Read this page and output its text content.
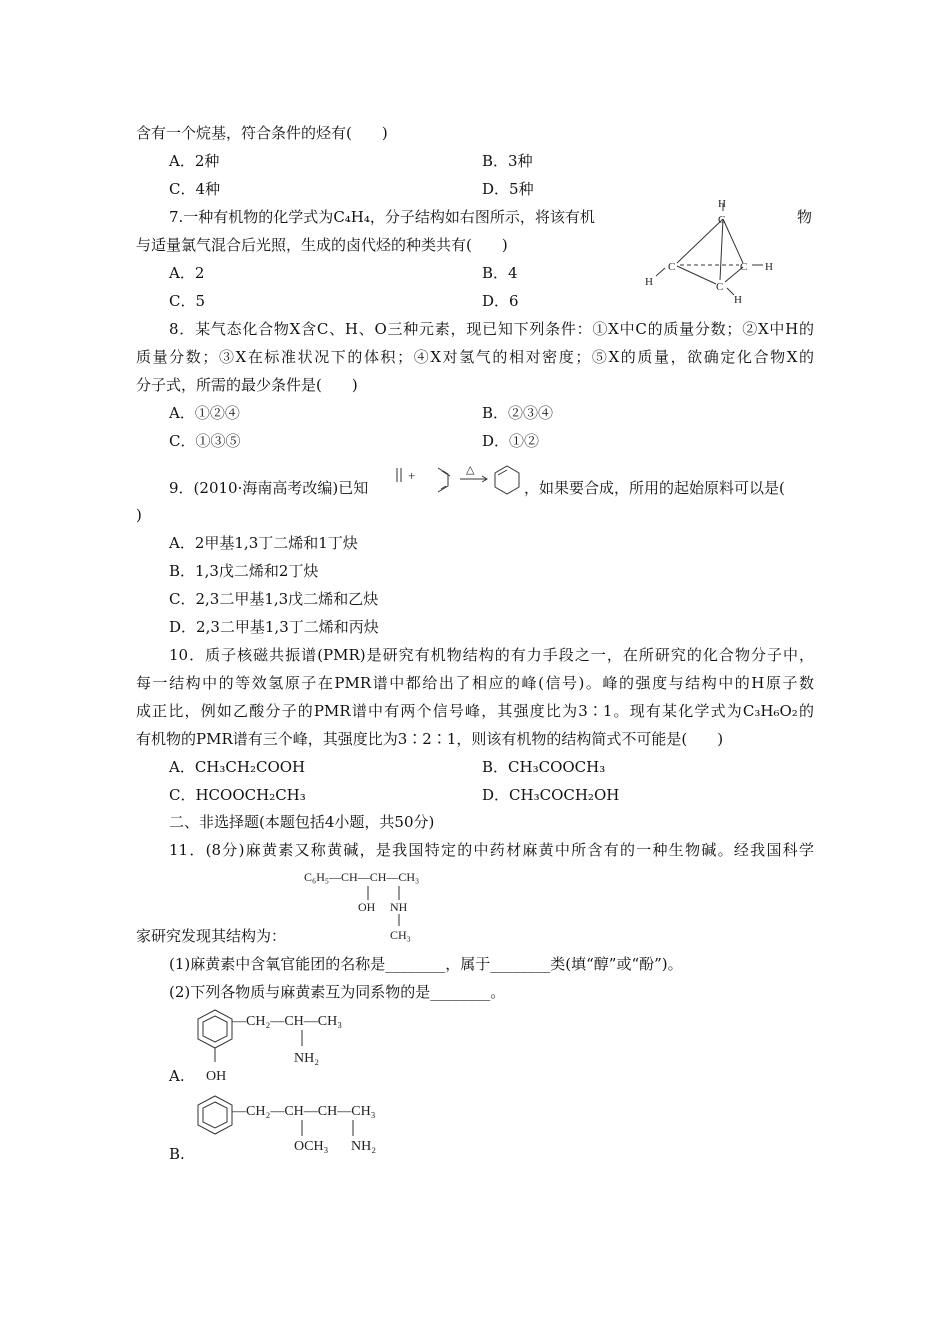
含有一个烷基，符合条件的烃有(　　)
A．2种	B．3种
C．4种	D．5种
7.一种有机物的化学式为C₄H₄，分子结构如右图所示，将该有机	物
与适量氯气混合后光照，生成的卤代烃的种类共有(　　)
A．2	B．4
C．5	D．6
H
C
C	C H
C
H
H
8．某气态化合物X含C、H、O三种元素，现已知下列条件：①X中C的质量分数；②X中H的
质量分数；③X在标准状况下的体积；④X对氢气的相对密度；⑤X的质量，欲确定化合物X的
分子式，所需的最少条件是(　　)
A．①②④	B．②③④
C．①③⑤	D．①②
9．(2010·海南高考改编)已知
+	△
，如果要合成，所用的起始原料可以是(
)
A．2甲基1,3丁二烯和1丁炔
B．1,3戊二烯和2丁炔
C．2,3二甲基1,3戊二烯和乙炔
D．2,3二甲基1,3丁二烯和丙炔
10．质子核磁共振谱(PMR)是研究有机物结构的有力手段之一，在所研究的化合物分子中，
每一结构中的等效氢原子在PMR谱中都给出了相应的峰(信号)。峰的强度与结构中的H原子数
成正比，例如乙酸分子的PMR谱中有两个信号峰，其强度比为3∶1。现有某化学式为C₃H₆O₂的
有机物的PMR谱有三个峰，其强度比为3∶2∶1，则该有机物的结构简式不可能是(　　)
A．CH₃CH₂COOH	B．CH₃COOCH₃
C．HCOOCH₂CH₃	D．CH₃COCH₂OH
二、非选择题(本题包括4小题，共50分)
11．(8分)麻黄素又称黄碱，是我国特定的中药材麻黄中所含有的一种生物碱。经我国科学
C₆H₅—CH—CH—CH₃
OH NH
CH₃
家研究发现其结构为：
(1)麻黄素中含氧官能团的名称是________，属于________类(填“醇”或“酚”)。
(2)下列各物质与麻黄素互为同系物的是________。
—CH₂—CH—CH₃
NH₂
OH
A.
—CH₂—CH—CH—CH₃
OCH₃ NH₂
B.
